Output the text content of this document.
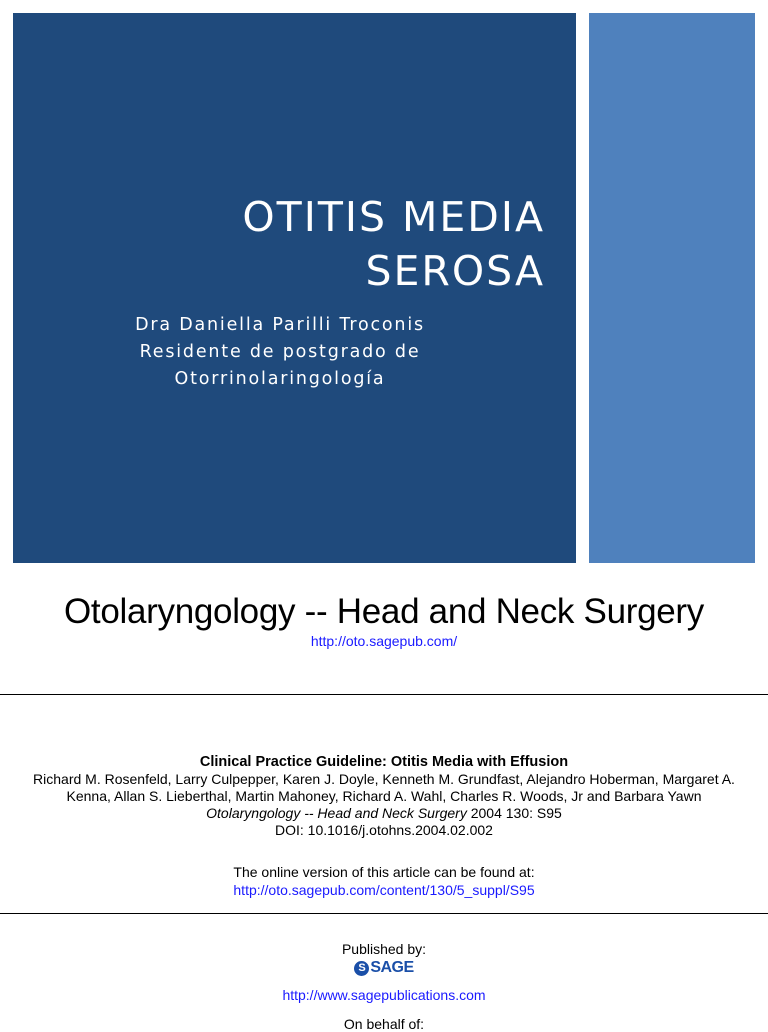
OTITIS MEDIA
SEROSA
Dra Daniella Parilli Troconis
Residente de postgrado de
Otorrinolaringología
Otolaryngology -- Head and Neck Surgery
http://oto.sagepub.com/
Clinical Practice Guideline: Otitis Media with Effusion
Richard M. Rosenfeld, Larry Culpepper, Karen J. Doyle, Kenneth M. Grundfast, Alejandro Hoberman, Margaret A.
Kenna, Allan S. Lieberthal, Martin Mahoney, Richard A. Wahl, Charles R. Woods, Jr and Barbara Yawn
Otolaryngology -- Head and Neck Surgery 2004 130: S95
DOI: 10.1016/j.otohns.2004.02.002
The online version of this article can be found at:
http://oto.sagepub.com/content/130/5_suppl/S95
Published by:
S SAGE
http://www.sagepublications.com
On behalf of:
